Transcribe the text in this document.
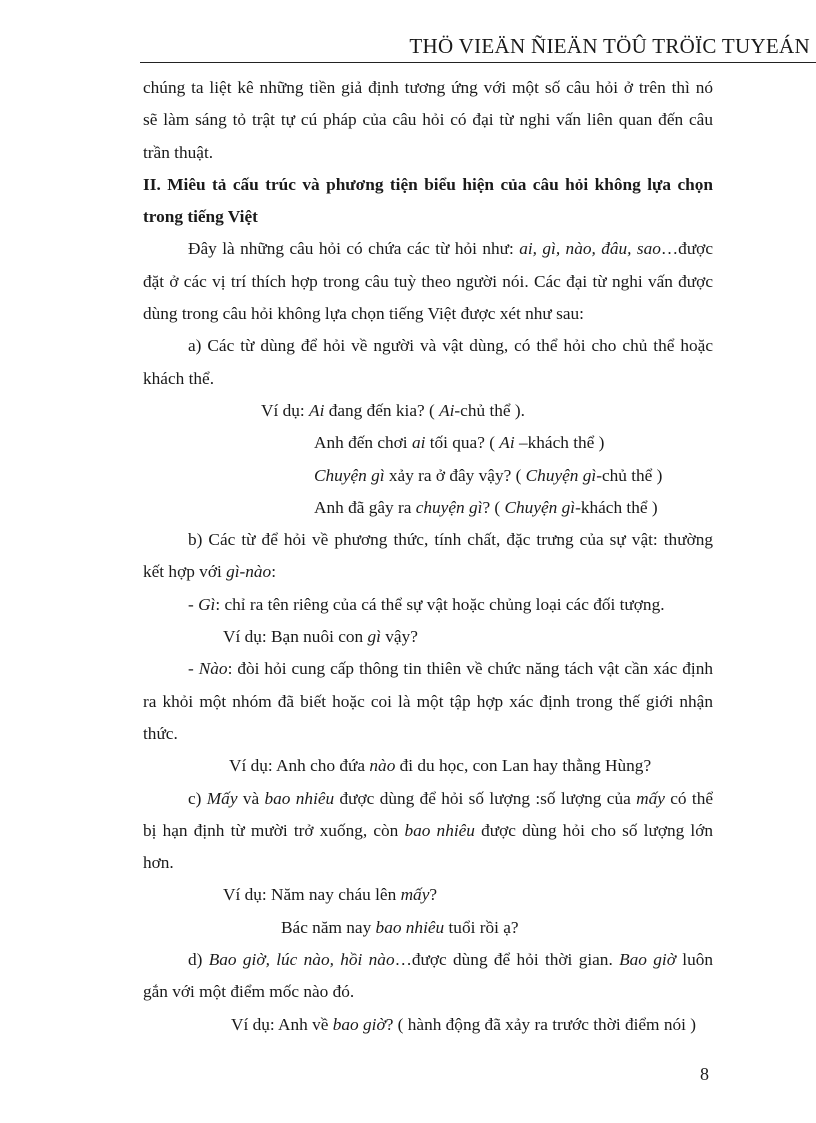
THÖ VIEÄN ÑIEÄN TÖÛ TRÖÏC TUYEÁN
chúng ta liệt kê những tiền giả định tương ứng với một số câu hỏi ở trên thì nó
sẽ làm sáng tỏ trật tự cú pháp của câu hỏi có đại từ nghi vấn liên quan đến câu
trần thuật.
II. Miêu tả cấu trúc và phương tiện biểu hiện của câu hỏi không lựa chọn
trong tiếng Việt
Đây là những câu hỏi có chứa các từ hỏi như: ai, gì, nào, đâu, sao…được
đặt ở các vị trí thích hợp trong câu tuỳ theo người nói. Các đại từ nghi vấn được
dùng trong câu hỏi không lựa chọn tiếng Việt được xét như sau:
a) Các từ dùng để hỏi về người và vật dùng, có thể hỏi cho chủ thể hoặc
khách thể.
Ví dụ: Ai đang đến kia? ( Ai-chủ thể ).
Anh đến chơi ai tối qua? ( Ai –khách thể )
Chuyện gì xảy ra ở đây vậy? ( Chuyện gì-chủ thể )
Anh đã gây ra chuyện gì? ( Chuyện gì-khách thể )
b) Các từ để hỏi về phương thức, tính chất, đặc trưng của sự vật: thường
kết hợp với gì-nào:
- Gì: chỉ ra tên riêng của cá thể sự vật hoặc chủng loại các đối tượng.
Ví dụ: Bạn nuôi con gì vậy?
- Nào: đòi hỏi cung cấp thông tin thiên về chức năng tách vật cần xác định
ra khỏi một nhóm đã biết hoặc coi là một tập hợp xác định trong thế giới nhận
thức.
Ví dụ: Anh cho đứa nào đi du học, con Lan hay thằng Hùng?
c) Mấy và bao nhiêu được dùng để hỏi số lượng :số lượng của mấy có thể
bị hạn định từ mười trở xuống, còn bao nhiêu được dùng hỏi cho số lượng lớn
hơn.
Ví dụ: Năm nay cháu lên mấy?
Bác năm nay bao nhiêu tuổi rồi ạ?
d) Bao giờ, lúc nào, hồi nào…được dùng để hỏi thời gian. Bao giờ luôn
gắn với một điểm mốc nào đó.
Ví dụ: Anh về bao giờ? ( hành động đã xảy ra trước thời điểm nói )
8
